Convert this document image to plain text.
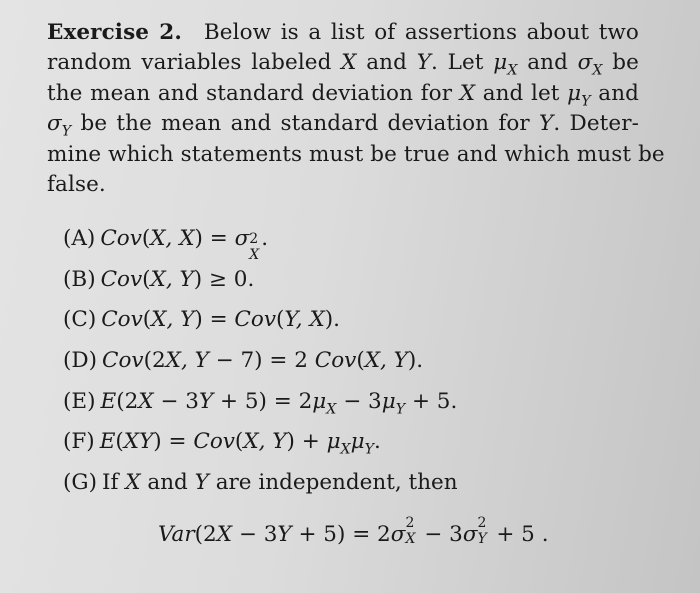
Exercise 2. Below is a list of assertions about two
random variables labeled X and Y. Let $\mu_X$ and $\sigma_X$ be
the mean and standard deviation for X and let $\mu_Y$ and
$\sigma_Y$ be the mean and standard deviation for Y. Deter-
mine which statements must be true and which must be
false.
(A) Cov(X, X) = σ 2
X
.
(B) Cov(X, Y) ≥ 0.
(C) Cov(X, Y) = Cov(Y, X).
(D) Cov(2X, Y − 7) = 2 Cov(X, Y).
(E) $E(2X - 3Y + 5) = 2\mu_X - 3\mu_Y + 5$.
(F) E(XY) = Cov(X, $Y) + \mu_X\mu_Y$.
(G) If X and Y are independent, then
Var(2X − 3Y + 5) = 2σ 2
X − 3σ 2
Y + 5 .
